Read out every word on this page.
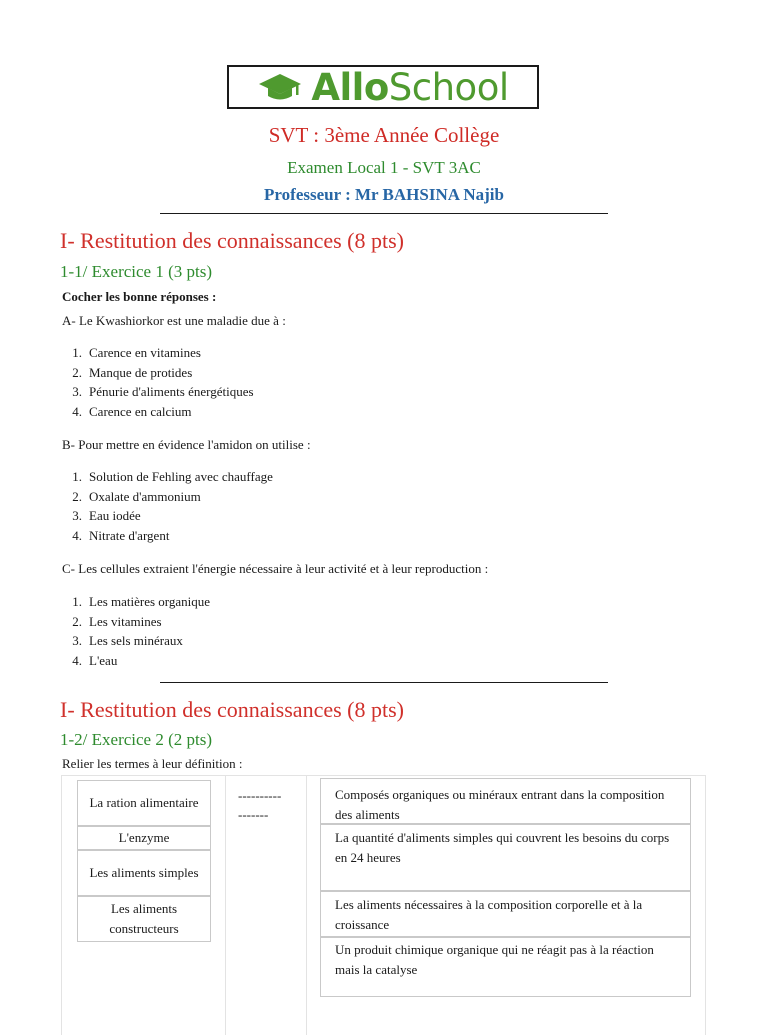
AlloSchool
SVT : 3ème Année Collège
Examen Local 1 - SVT 3AC
Professeur : Mr BAHSINA Najib
I- Restitution des connaissances (8 pts)
1-1/ Exercice 1 (3 pts)
Cocher les bonne réponses :
A- Le Kwashiorkor est une maladie due à :
1. Carence en vitamines
2. Manque de protides
3. Pénurie d'aliments énergétiques
4. Carence en calcium
B- Pour mettre en évidence l'amidon on utilise :
1. Solution de Fehling avec chauffage
2. Oxalate d'ammonium
3. Eau iodée
4. Nitrate d'argent
C- Les cellules extraient l'énergie nécessaire à leur activité et à leur reproduction :
1. Les matières organique
2. Les vitamines
3. Les sels minéraux
4. L'eau
I- Restitution des connaissances (8 pts)
1-2/ Exercice 2 (2 pts)
Relier les termes à leur définition :
La ration alimentaire
L'enzyme
Les aliments simples
Les aliments constructeurs
----------
-------
Composés organiques ou minéraux entrant dans la composition des aliments
La quantité d'aliments simples qui couvrent les besoins du corps en 24 heures
Les aliments nécessaires à la composition corporelle et à la croissance
Un produit chimique organique qui ne réagit pas à la réaction mais la catalyse
